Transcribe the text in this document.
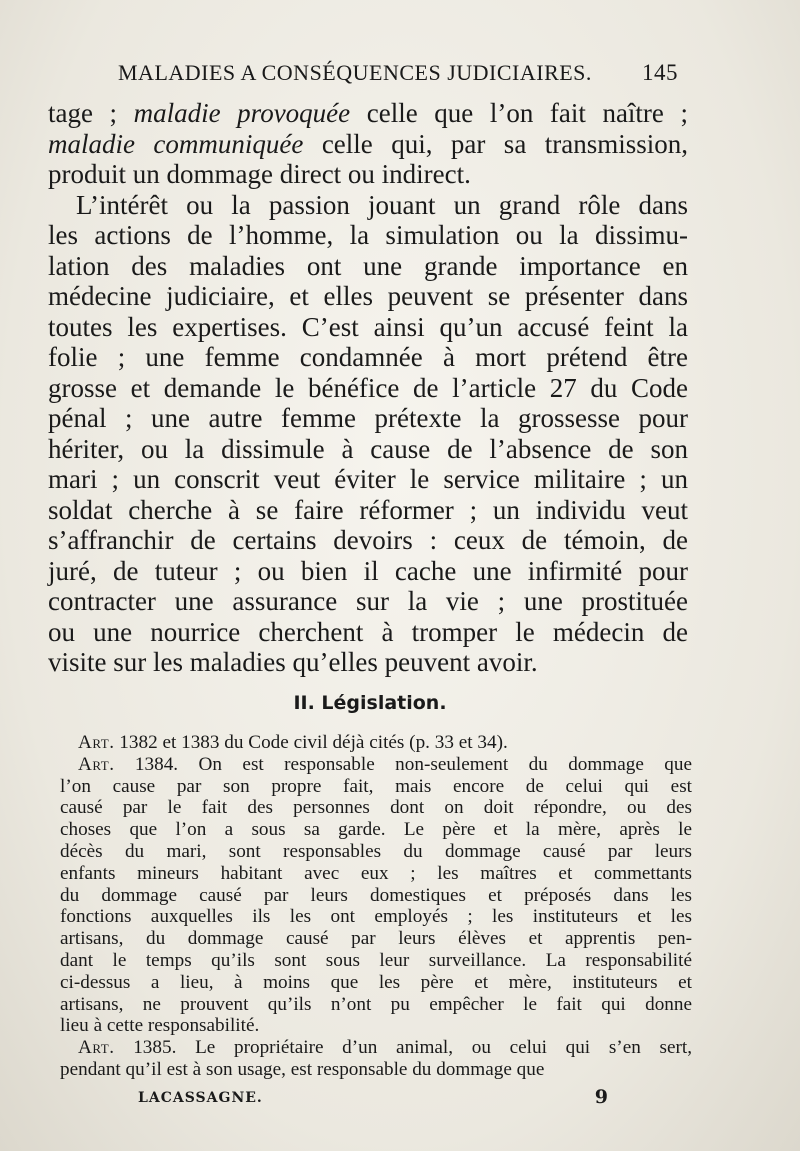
MALADIES A CONSÉQUENCES JUDICIAIRES. 145
tage ; maladie provoquée celle que l’on fait naître ;
maladie communiquée celle qui, par sa transmission,
produit un dommage direct ou indirect.
L’intérêt ou la passion jouant un grand rôle dans
les actions de l’homme, la simulation ou la dissimu-
lation des maladies ont une grande importance en
médecine judiciaire, et elles peuvent se présenter dans
toutes les expertises. C’est ainsi qu’un accusé feint la
folie ; une femme condamnée à mort prétend être
grosse et demande le bénéfice de l’article 27 du Code
pénal ; une autre femme prétexte la grossesse pour
hériter, ou la dissimule à cause de l’absence de son
mari ; un conscrit veut éviter le service militaire ; un
soldat cherche à se faire réformer ; un individu veut
s’affranchir de certains devoirs : ceux de témoin, de
juré, de tuteur ; ou bien il cache une infirmité pour
contracter une assurance sur la vie ; une prostituée
ou une nourrice cherchent à tromper le médecin de
visite sur les maladies qu’elles peuvent avoir.
II. Législation.
Art. 1382 et 1383 du Code civil déjà cités (p. 33 et 34).
Art. 1384. On est responsable non-seulement du dommage que
l’on cause par son propre fait, mais encore de celui qui est
causé par le fait des personnes dont on doit répondre, ou des
choses que l’on a sous sa garde. Le père et la mère, après le
décès du mari, sont responsables du dommage causé par leurs
enfants mineurs habitant avec eux ; les maîtres et commettants
du dommage causé par leurs domestiques et préposés dans les
fonctions auxquelles ils les ont employés ; les instituteurs et les
artisans, du dommage causé par leurs élèves et apprentis pen-
dant le temps qu’ils sont sous leur surveillance. La responsabilité
ci-dessus a lieu, à moins que les père et mère, instituteurs et
artisans, ne prouvent qu’ils n’ont pu empêcher le fait qui donne
lieu à cette responsabilité.
Art. 1385. Le propriétaire d’un animal, ou celui qui s’en sert,
pendant qu’il est à son usage, est responsable du dommage que
LACASSAGNE.	9
